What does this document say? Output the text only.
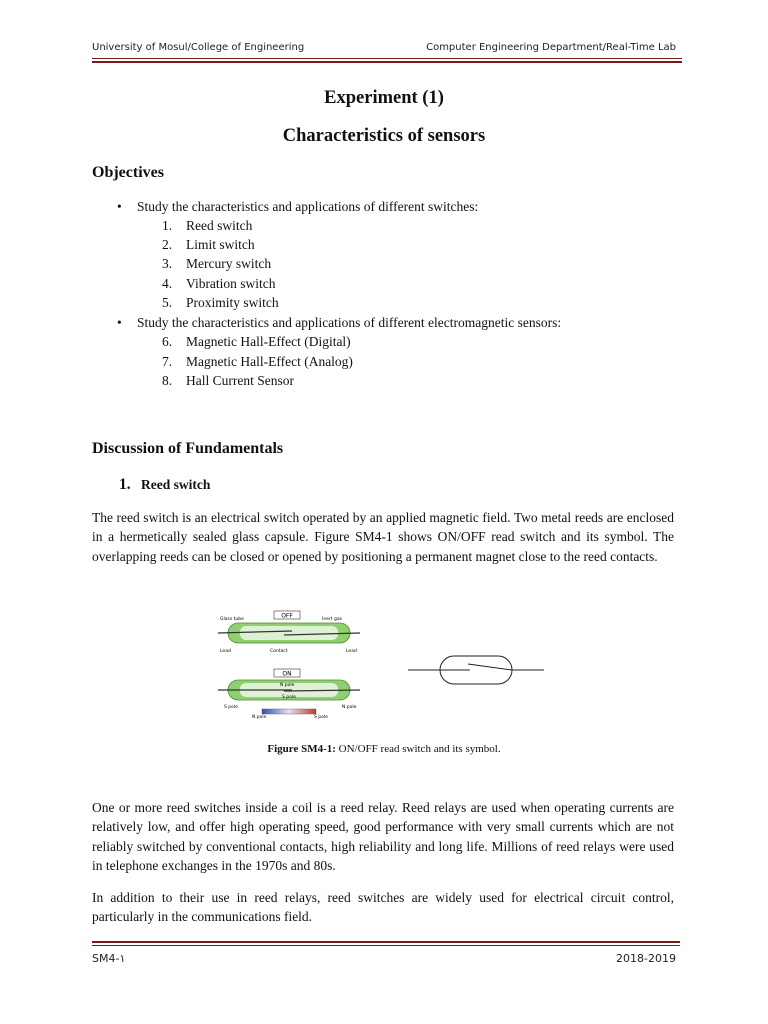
University of Mosul/College of Engineering	Computer Engineering Department/Real-Time Lab
Experiment (1)
Characteristics of sensors
Objectives
• Study the characteristics and applications of different switches:
1. Reed switch
2. Limit switch
3. Mercury switch
4. Vibration switch
5. Proximity switch
• Study the characteristics and applications of different electromagnetic sensors:
6. Magnetic Hall-Effect (Digital)
7. Magnetic Hall-Effect (Analog)
8. Hall Current Sensor
Discussion of Fundamentals
1. Reed switch

The reed switch is an electrical switch operated by an applied magnetic field. Two metal reeds are enclosed in a hermetically sealed glass capsule. Figure SM4-1 shows ON/OFF read switch and its symbol. The overlapping reeds can be closed or opened by positioning a permanent magnet close to the reed contacts.

OFF
Glass tube	Inert gas
Lead	Contact	Lead
ON
N pole
S pole
S pole	N pole
N pole	S pole
Figure SM4-1: ON/OFF read switch and its symbol.

One or more reed switches inside a coil is a reed relay. Reed relays are used when operating currents are relatively low, and offer high operating speed, good performance with very small currents which are not reliably switched by conventional contacts, high reliability and long life. Millions of reed relays were used in telephone exchanges in the 1970s and 80s.

In addition to their use in reed relays, reed switches are widely used for electrical circuit control, particularly in the communications field.

SM4-١	2018-2019
